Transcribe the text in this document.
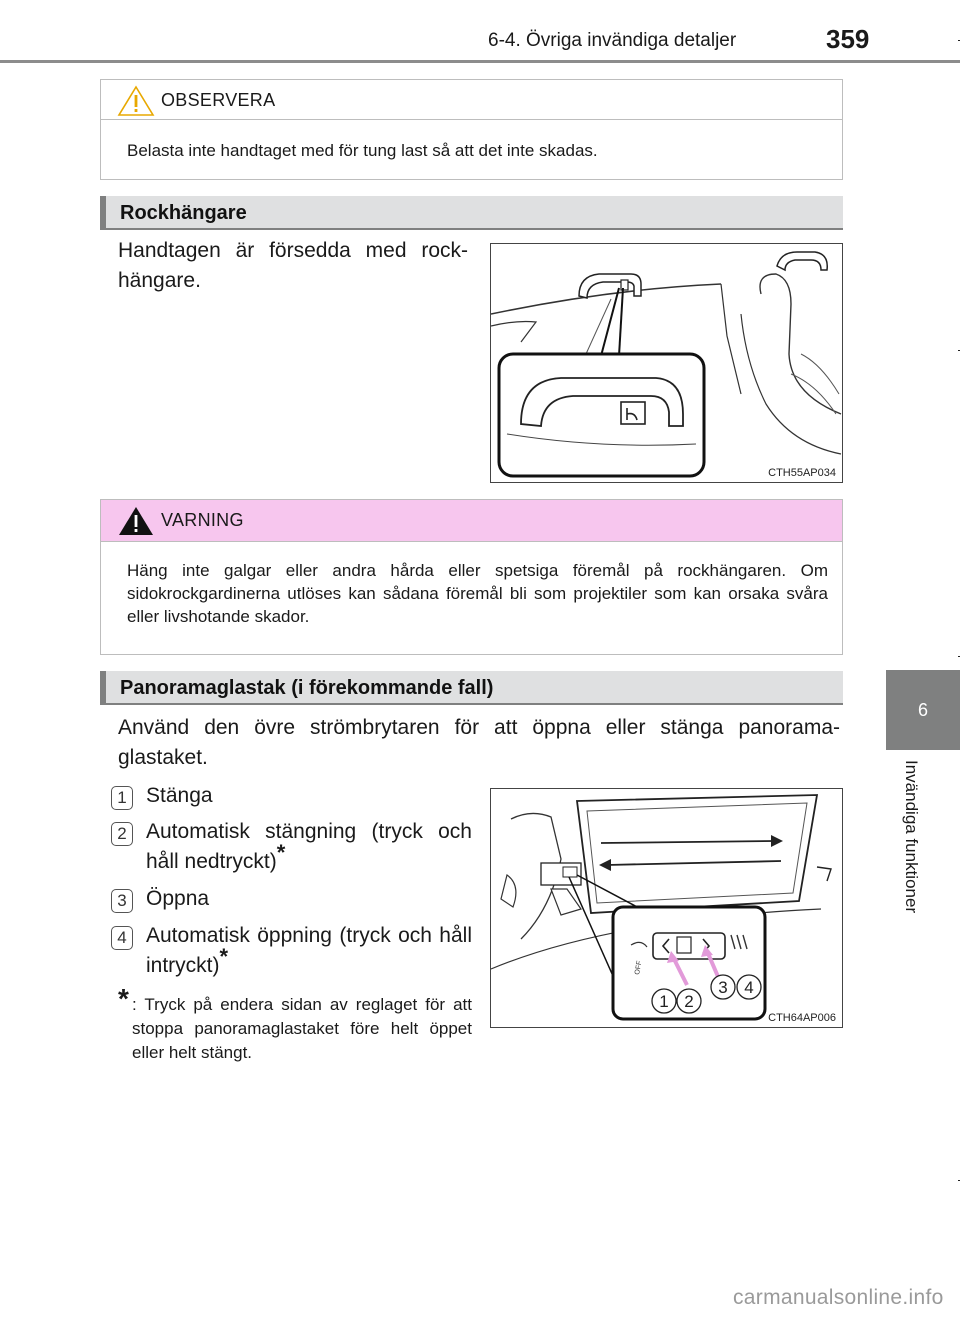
6-4. Övriga invändiga detaljer	359
6
Invändiga funktioner
OBSERVERA
Belasta inte handtaget med för tung last så att det inte skadas.
Rockhängare
Handtagen är försedda med rock-hängare.
CTH55AP034
VARNING
Häng inte galgar eller andra hårda eller spetsiga föremål på rockhängaren. Om sidokrockgardinerna utlöses kan sådana föremål bli som projektiler som kan orsaka svåra eller livshotande skador.
Panoramaglastak (i förekommande fall)
Använd den övre strömbrytaren för att öppna eller stänga panorama-glastaket.
1 Stänga
2 Automatisk stängning (tryck och håll nedtryckt)*
3 Öppna
4 Automatisk öppning (tryck och håll intryckt)*
* : Tryck på endera sidan av reglaget för att stoppa panoramaglastaket före helt öppet eller helt stängt.
1 2
3 4
OFF
CTH64AP006
carmanualsonline.info
